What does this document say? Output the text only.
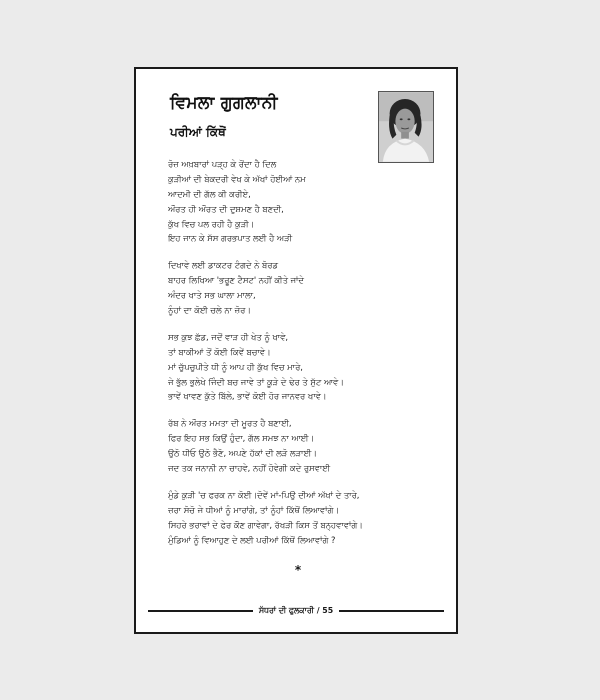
ਵਿਮਲਾ ਗੁਗਲਾਨੀ
ਪਰੀਆਂ ਕਿੱਥੋਂ
ਰੋਜ਼ ਅਖ਼ਬਾਰਾਂ ਪੜ੍ਹ ਕੇ ਰੋਂਦਾ ਹੈ ਦਿਲ
ਕੁੜੀਆਂ ਦੀ ਬੇਕਦਰੀ ਵੇਖ ਕੇ ਅੱਖਾਂ ਹੋਈਆਂ ਨਮ
ਆਦਮੀ ਦੀ ਗੱਲ ਕੀ ਕਰੀਏ,
ਔਰਤ ਹੀ ਔਰਤ ਦੀ ਦੁਸ਼ਮਣ ਹੈ ਬਣਦੀ,
ਕੁੱਖ ਵਿਚ ਪਲ ਰਹੀ ਹੈ ਕੁੜੀ।
ਇਹ ਜਾਨ ਕੇ ਸੱਸ ਗਰਭਪਾਤ ਲਈ ਹੈ ਅੜੀ
ਦਿਖਾਵੇ ਲਈ ਡਾਕਟਰ ਟੰਗਦੇ ਨੇ ਬੋਰਡ
ਬਾਹਰ ਲਿਖਿਆ 'ਭਰੂਣ ਟੈਸਟ' ਨਹੀਂ ਕੀਤੇ ਜਾਂਦੇ
ਅੰਦਰ ਖਾਤੇ ਸਭ ਘਾਲਾ ਮਾਲਾ,
ਨੂੰਹਾਂ ਦਾ ਕੋਈ ਚਲੇ ਨਾ ਜ਼ੋਰ।
ਸਭ ਕੁਝ ਛੱਡ, ਜਦੋਂ ਵਾੜ ਹੀ ਖੇਤ ਨੂੰ ਖਾਵੇ,
ਤਾਂ ਬਾਕੀਆਂ ਤੋਂ ਕੋਈ ਕਿਵੇਂ ਬਚਾਵੇ।
ਮਾਂ ਚੁੱਪਚੁਪੀਤੇ ਧੀ ਨੂੰ ਆਪ ਹੀ ਕੁੱਖ ਵਿਚ ਮਾਰੇ,
ਜੇ ਭੁੱਲ ਭੁਲੇਖੇ ਜਿੰਦੀ ਬਚ ਜਾਵੇ ਤਾਂ ਕੂੜੇ ਦੇ ਢੇਰ ਤੇ ਸੁੱਟ ਆਵੇ।
ਭਾਵੇਂ ਖਾਵਣ ਕੁੱਤੇ ਬਿੱਲੇ, ਭਾਵੇਂ ਕੋਈ ਹੋਰ ਜਾਨਵਰ ਖਾਵੇ।
ਰੱਬ ਨੇ ਔਰਤ ਮਮਤਾ ਦੀ ਮੂਰਤ ਹੈ ਬਣਾਈ,
ਫਿਰ ਇਹ ਸਭ ਕਿਉਂ ਹੁੰਦਾ, ਗੱਲ ਸਮਝ ਨਾ ਆਈ।
ਉਠੋ ਧੀਓ ਉਠੋ ਭੈਣੋ, ਅਪਣੇ ਹੱਕਾਂ ਦੀ ਲੜੋ ਲੜਾਈ।
ਜਦ ਤਕ ਜਨਾਨੀ ਨਾ ਚਾਹਵੇ, ਨਹੀਂ ਹੋਵੇਗੀ ਕਦੇ ਰੁਸਵਾਈ
ਮੁੰਡੇ ਕੁੜੀ 'ਚ ਫਰਕ ਨਾ ਕੋਈ।ਦੋਵੇਂ ਮਾਂ-ਪਿਉ ਦੀਆਂ ਅੱਖਾਂ ਦੇ ਤਾਰੇ,
ਜ਼ਰਾ ਸੋਚੋ ਜੇ ਧੀਆਂ ਨੂੰ ਮਾਰਾਂਗੇ, ਤਾਂ ਨੂੰਹਾਂ ਕਿੱਥੋਂ ਲਿਆਵਾਂਗੇ।
ਸਿਹਰੇ ਭਰਾਵਾਂ ਦੇ ਫੇਰ ਕੌਣ ਗਾਵੇਗਾ, ਰੱਖੜੀ ਕਿਸ ਤੋਂ ਬਨ੍ਹਵਾਵਾਂਗੇ।
ਮੁੰਡਿਆਂ ਨੂੰ ਵਿਆਹੁਣ ਦੇ ਲਈ ਪਰੀਆਂ ਕਿੱਥੋਂ ਲਿਆਵਾਂਗੇ ?
*
ਸੱਧਰਾਂ ਦੀ ਫੁਲਕਾਰੀ / 55
